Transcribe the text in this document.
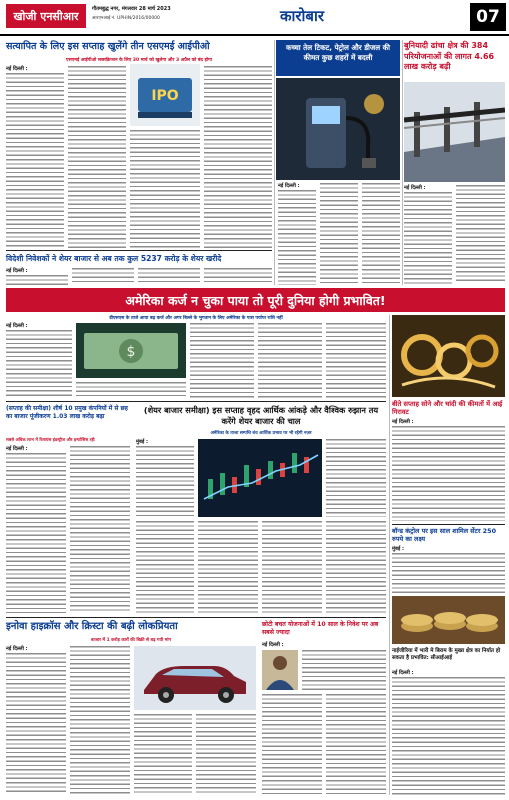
खोजी एनसीआर
गौतमबुद्ध नगर, मंगलवार 28 मार्च 2023
आरएनआई नं. UPHIN/2016/00000	कारोबार	07
सत्यापित के लिए इस सप्ताह खुलेंगे तीन एसएमई आईपीओ
एसएमई आईपीओ सब्सक्रिप्शन के लिए 30 मार्च को खुलेगा और 3 अप्रैल को बंद होगा
नई दिल्ली :
IPO
कच्चा तेल टिकट, पेट्रोल और डीजल की कीमत कुछ शहरों में बदली
नई दिल्ली :
बुनियादी ढांचा क्षेत्र की 384 परियोजनाओं की लागत 4.66 लाख करोड़ बढ़ी
नई दिल्ली :
विदेशी निवेशकों ने शेयर बाजार से अब तक कुल 5237 करोड़ के शेयर खरीदे
नई दिल्ली :
अमेरिका कर्ज न चुका पाया तो पूरी दुनिया होगी प्रभावित!
डीएसएस के ताजे आया बढ़ कर्ज और अगर बिल्ले के भुगतान के लिए अमेरिका के पास पर्याप्त राशि नहीं
नई दिल्ली :
$
बीते सप्ताह सोने और चांदी की कीमतों में आई गिरावट
नई दिल्ली :
(सप्ताह की समीक्षा) शीर्ष 10 प्रमुख कंपनियों में से छह का बाजार पूंजीकरण 1.03 लाख करोड़ बढ़ा
सबसे अधिक लाभ में रिलायंस इंडस्ट्रीज और इन्फोसिस रही
नई दिल्ली :
(शेयर बाजार समीक्षा) इस सप्ताह वृहद आर्थिक आंकड़े और वैश्विक रुझान तय करेंगे शेयर बाजार की चाल
अमेरिका के ताजा सम्पत्ति बंध आर्थिक प्रभाव पर भी रहेगी नज़र
मुंबई :
बॉन्ड कंट्रोल पर इस साल शामिल सेंटर 250 रुपये का लक्ष्य
मुंबई :
नाईजीरिया में भारी मे बिराम के मुख्य क्षेत्र का निर्यात हो सकता है प्रभावित: सीआईआई
नई दिल्ली :
इनोवा हाइक्रॉस और क्रिस्टा की बढ़ी लोकप्रियता
बाजार में 1 करोड़ कारों की बिक्री से बढ़ गयी मांग
नई दिल्ली :
छोटी बचत योजनाओं में 10 साल के निवेश पर अब सबसे ज्यादा
नई दिल्ली :
